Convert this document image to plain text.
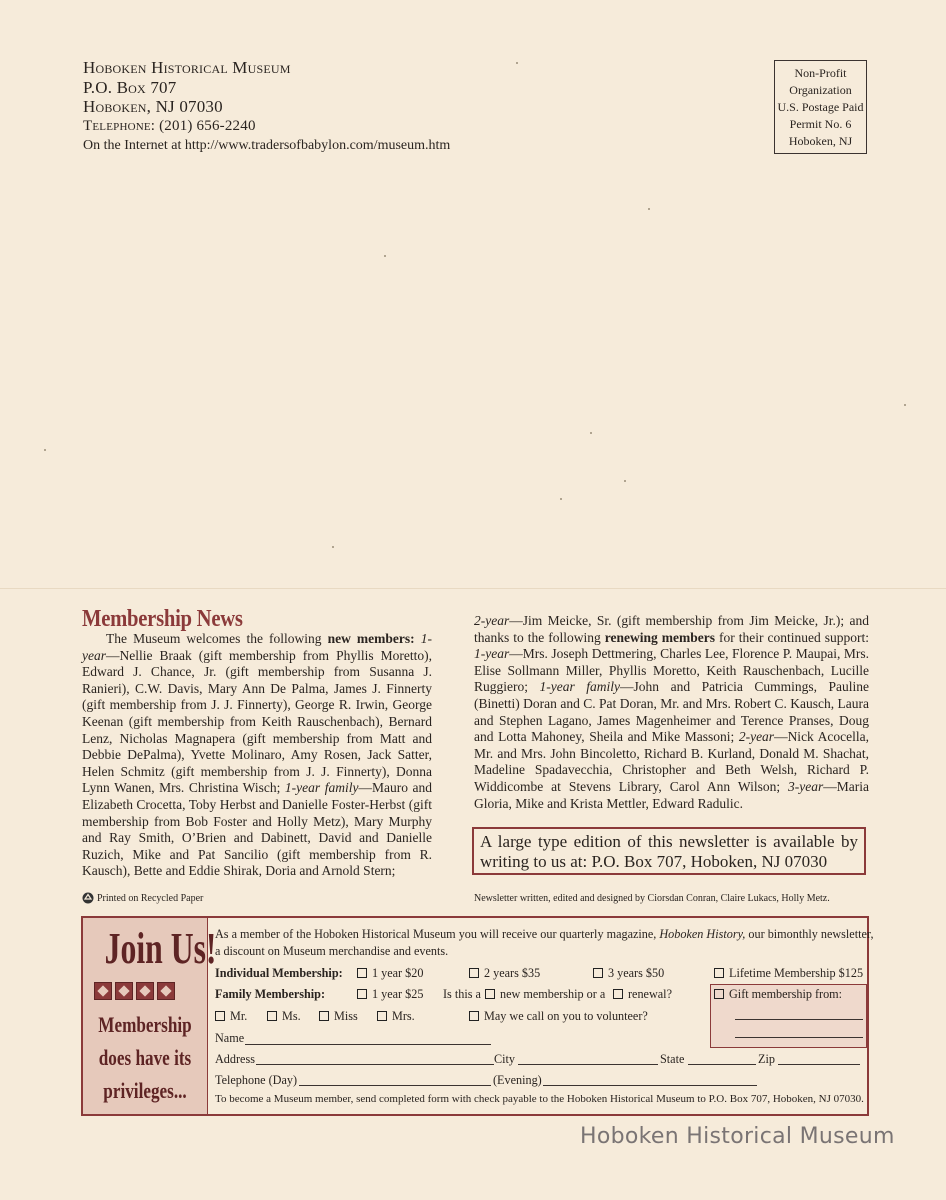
Hoboken Historical Museum
P.O. Box 707
Hoboken, NJ 07030
Telephone: (201) 656-2240
On the Internet at http://www.tradersofbabylon.com/museum.htm
Non-Profit
Organization
U.S. Postage Paid
Permit No. 6
Hoboken, NJ
Membership News

The Museum welcomes the following new members: 1-year—Nellie Braak (gift membership from Phyllis Moretto), Edward J. Chance, Jr. (gift membership from Susanna J. Ranieri), C.W. Davis, Mary Ann De Palma, James J. Finnerty (gift membership from J. J. Finnerty), George R. Irwin, George Keenan (gift membership from Keith Rauschenbach), Bernard Lenz, Nicholas Magnapera (gift membership from Matt and Debbie DePalma), Yvette Molinaro, Amy Rosen, Jack Satter, Helen Schmitz (gift membership from J. J. Finnerty), Donna Lynn Wanen, Mrs. Christina Wisch; 1-year family—Mauro and Elizabeth Crocetta, Toby Herbst and Danielle Foster-Herbst (gift membership from Bob Foster and Holly Metz), Mary Murphy and Ray Smith, O’Brien and Dabinett, David and Danielle Ruzich, Mike and Pat Sancilio (gift membership from R. Kausch), Bette and Eddie Shirak, Doria and Arnold Stern;

2-year—Jim Meicke, Sr. (gift membership from Jim Meicke, Jr.); and thanks to the following renewing members for their continued support: 1-year—Mrs. Joseph Dettmering, Charles Lee, Florence P. Maupai, Mrs. Elise Sollmann Miller, Phyllis Moretto, Keith Rauschenbach, Lucille Ruggiero; 1-year family—John and Patricia Cummings, Pauline (Binetti) Doran and C. Pat Doran, Mr. and Mrs. Robert C. Kausch, Laura and Stephen Lagano, James Magenheimer and Terence Pranses, Doug and Lotta Mahoney, Sheila and Mike Massoni; 2-year—Nick Acocella, Mr. and Mrs. John Bincoletto, Richard B. Kurland, Donald M. Shachat, Madeline Spadavecchia, Christopher and Beth Welsh, Richard P. Widdicombe at Stevens Library, Carol Ann Wilson; 3-year—Maria Gloria, Mike and Krista Mettler, Edward Radulic.

A large type edition of this newsletter is available by writing to us at: P.O. Box 707, Hoboken, NJ 07030
Printed on Recycled Paper	Newsletter written, edited and designed by Ciorsdan Conran, Claire Lukacs, Holly Metz.
Join Us!
Membership
does have its
privileges...
As a member of the Hoboken Historical Museum you will receive our quarterly magazine, Hoboken History, our bimonthly newsletter,
a discount on Museum merchandise and events.
Individual Membership:	1 year $20	2 years $35	3 years $50	Lifetime Membership $125
Family Membership:	1 year $25 Is this a	new membership or a	renewal?	Gift membership from:
Mr.	Ms.	Miss	Mrs.	May we call on you to volunteer?
Name
Address	City	State	Zip
Telephone (Day)	(Evening)
To become a Museum member, send completed form with check payable to the Hoboken Historical Museum to P.O. Box 707, Hoboken, NJ 07030.
Hoboken Historical Museum
